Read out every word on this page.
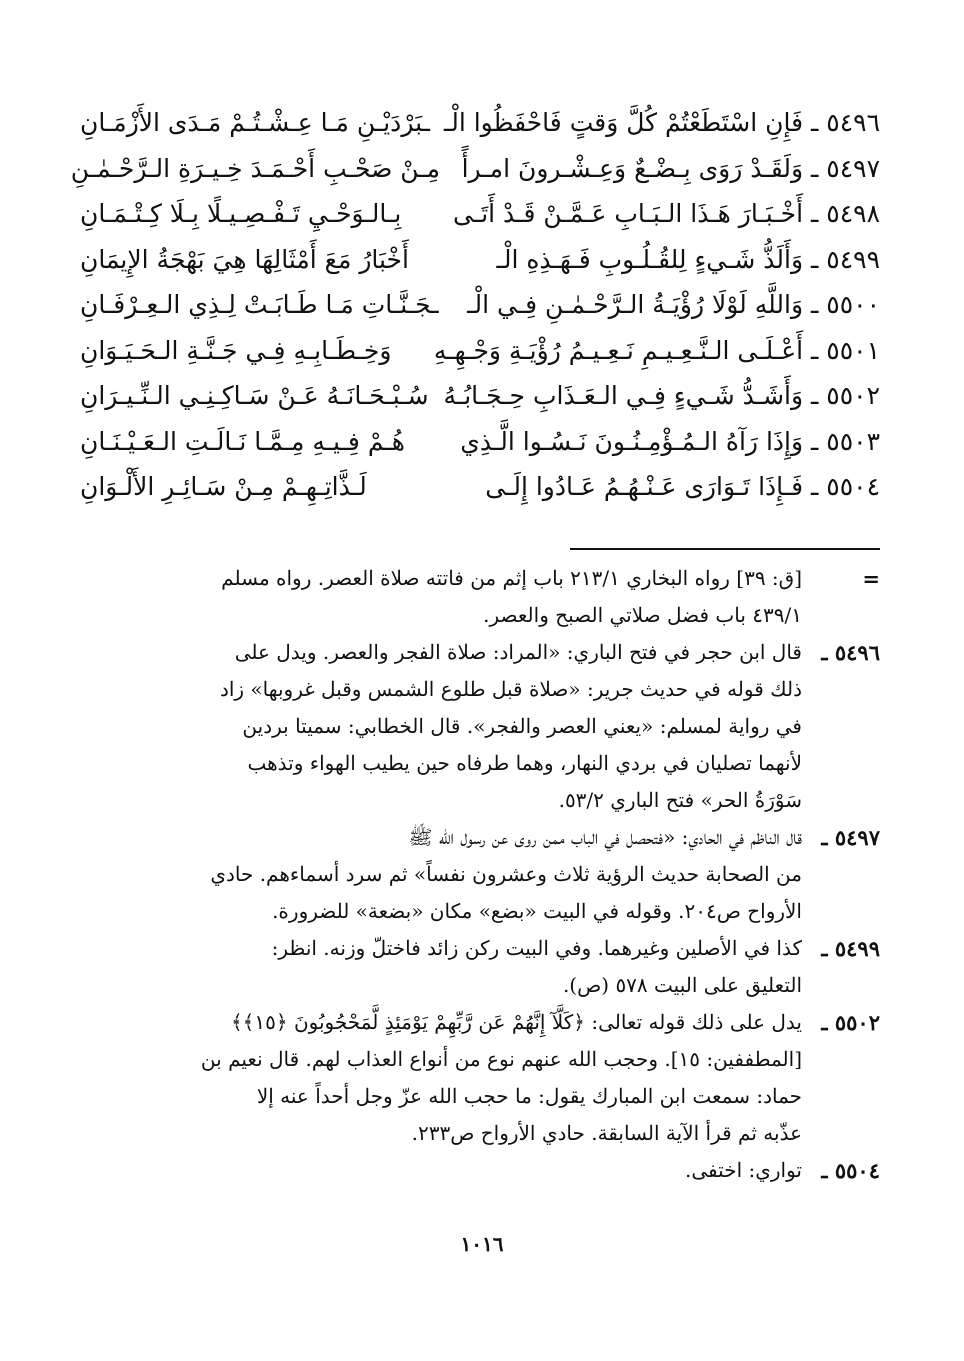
٥٤٩٦ ـ فَإِنِ اسْتَطَعْتُمْ كُلَّ وَقتٍ فَاحْفَظُوا الْـ
ـبَرْدَيْـنِ مَـا عِـشْـتُـمْ مَـدَى الأَزْمَـانِ
٥٤٩٧ ـ وَلَقَـدْ رَوَى بِـضْـعٌ وَعِـشْـرونَ امـرأً
مِـنْ صَحْـبِ أَحْـمَـدَ خِـيـرَةِ الـرَّحْـمٰـنِ
٥٤٩٨ ـ أَخْـبَـارَ هَـذَا الـبَـابِ عَـمَّـنْ قَـدْ أَتَـى
بِـالـوَحْـيِ تَـفْـصِـيـلًا بِـلَا كِـتْـمَـانِ
٥٤٩٩ ـ وَأَلَذُّ شَـيءٍ لِلقُـلُـوبِ فَـهَـذِهِ الْـ
أَخْبَارُ مَعَ أَمْثَالِهَا هِيَ بَهْجَةُ الإِيمَانِ
٥٥٠٠ ـ وَاللَّهِ لَوْلَا رُؤْيَـةُ الـرَّحْـمٰـنِ فِـي الْـ
ـجَـنَّـاتِ مَـا طَـابَـتْ لِـذِي الـعِـرْفَـانِ
٥٥٠١ ـ أَعْـلَـى الـنَّـعِـيـمِ نَـعِـيـمُ رُؤْيَـةِ وَجْـهِـهِ
وَخِـطَـابِـهِ فِـي جَـنَّـةِ الـحَـيَـوَانِ
٥٥٠٢ ـ وَأَشَـدُّ شَـيءٍ فِـي الـعَـذَابِ حِـجَـابُـهُ
سُـبْـحَـانَـهُ عَـنْ سَـاكِـنِـي الـنِّـيـرَانِ
٥٥٠٣ ـ وَإِذَا رَآهُ الـمُـؤْمِـنُـونَ نَـسُـوا الَّـذِي
هُـمْ فِـيـهِ مِـمَّـا نَـالَـتِ الـعَـيْـنَـانِ
٥٥٠٤ ـ فَـإِذَا تَـوَارَى عَـنْـهُـمُ عَـادُوا إِلَـى
لَـذَّاتِـهِـمْ مِـنْ سَـائِـرِ الأَلْـوَانِ
=
[ق: ٣٩] رواه البخاري ٢١٣/١ باب إثم من فاتته صلاة العصر. رواه مسلم
٤٣٩/١ باب فضل صلاتي الصبح والعصر.
٥٤٩٦ ـ
قال ابن حجر في فتح الباري: «المراد: صلاة الفجر والعصر. ويدل على
ذلك قوله في حديث جرير: «صلاة قبل طلوع الشمس وقبل غروبها» زاد
في رواية لمسلم: «يعني العصر والفجر». قال الخطابي: سميتا بردين
لأنهما تصليان في بردي النهار، وهما طرفاه حين يطيب الهواء وتذهب
سَوْرَةُ الحر» فتح الباري ٥٣/٢.
٥٤٩٧ ـ
قال الناظم في الحادي: «فتحصل في الباب ممن روى عن رسول الله ﷺ
من الصحابة حديث الرؤية ثلاث وعشرون نفساً» ثم سرد أسماءهم. حادي
الأرواح ص٢٠٤. وقوله في البيت «بضع» مكان «بضعة» للضرورة.
٥٤٩٩ ـ
كذا في الأصلين وغيرهما. وفي البيت ركن زائد فاختلّ وزنه. انظر:
التعليق على البيت ٥٧٨ (ص).
٥٥٠٢ ـ
يدل على ذلك قوله تعالى: ﴿كَلَّآ إِنَّهُمْ عَن رَّبِّهِمْ يَوْمَئِذٍ لَّمَحْجُوبُونَ ﴿١٥﴾﴾
[المطففين: ١٥]. وحجب الله عنهم نوع من أنواع العذاب لهم. قال نعيم بن
حماد: سمعت ابن المبارك يقول: ما حجب الله عزّ وجل أحداً عنه إلا
عذّبه ثم قرأ الآية السابقة. حادي الأرواح ص٢٣٣.
٥٥٠٤ ـ
تواري: اختفى.
١٠١٦
